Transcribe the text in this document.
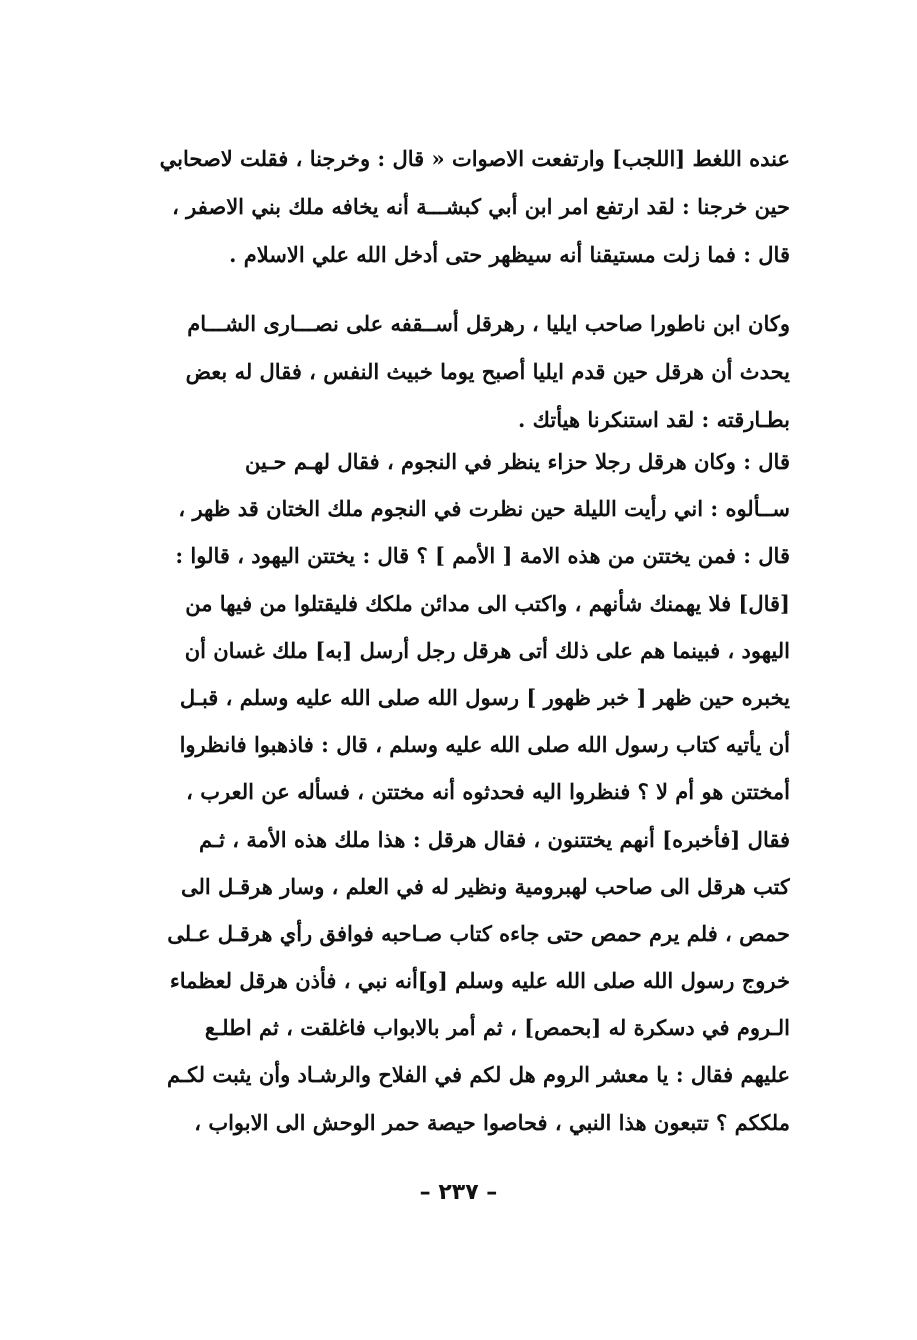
عنده اللغط [اللجب] وارتفعت الاصوات « قال : وخرجنا ، فقلت لاصحابي
حين خرجنا : لقد ارتفع امر ابن أبي كبشـــة أنه يخافه ملك بني الاصفر ،
قال : فما زلت مستيقنا أنه سيظهر حتى أدخل الله علي الاسلام .
وكان ابن ناطورا صاحب ايليا ، رهرقل أســقفه على نصـــارى الشـــام
يحدث أن هرقل حين قدم ايليا أصبح يوما خبيث النفس ، فقال له بعض
بطـارقته : لقد استنكرنا هيأتك .
قال : وكان هرقل رجلا حزاء ينظر في النجوم ، فقال لهـم حـين
ســألوه : اني رأيت الليلة حين نظرت في النجوم ملك الختان قد ظهر ،
قال : فمن يختتن من هذه الامة [ الأمم ] ؟ قال : يختتن اليهود ، قالوا :
[قال] فلا يهمنك شأنهم ، واكتب الى مدائن ملكك فليقتلوا من فيها من
اليهود ، فبينما هم على ذلك أتى هرقل رجل أرسل [به] ملك غسان أن
يخبره حين ظهر [ خبر ظهور ] رسول الله صلى الله عليه وسلم ، قبـل
أن يأتيه كتاب رسول الله صلى الله عليه وسلم ، قال : فاذهبوا فانظروا
أمختتن هو أم لا ؟ فنظروا اليه فحدثوه أنه مختتن ، فسأله عن العرب ،
فقال [فأخبره] أنهم يختتنون ، فقال هرقل : هذا ملك هذه الأمة ، ثـم
كتب هرقل الى صاحب لهبرومية ونظير له في العلم ، وسار هرقـل الى
حمص ، فلم يرم حمص حتى جاءه كتاب صـاحبه فوافق رأي هرقـل عـلى
خروج رسول الله صلى الله عليه وسلم [و]أنه نبي ، فأذن هرقل لعظماء
الـروم في دسكرة له [بحمص] ، ثم أمر بالابواب فاغلقت ، ثم اطلـع
عليهم فقال : يا معشر الروم هل لكم في الفلاح والرشـاد وأن يثبت لكـم
ملككم ؟ تتبعون هذا النبي ، فحاصوا حيصة حمر الوحش الى الابواب ،
– ٢٣٧ –
